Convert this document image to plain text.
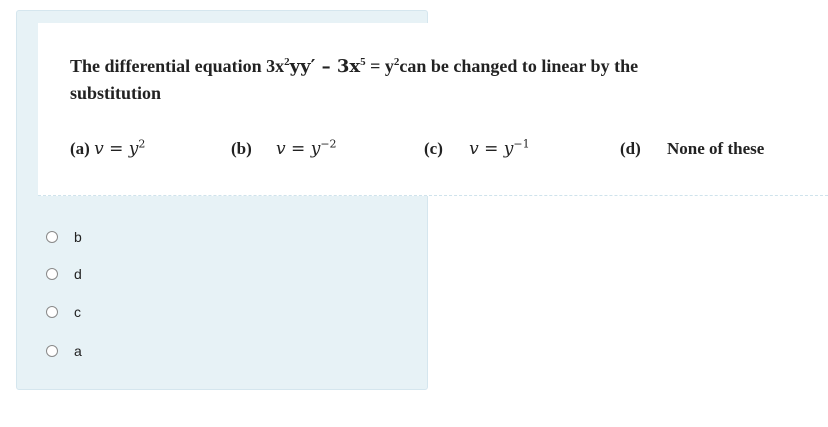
The differential equation $3x^2yy' - 3x^5 = y^2can$ be changed to linear by the
substitution
(a) $v = y^2$	(b) $v = y^{-2}$	(c) $v = y^{-1}$	(d) None of these
b
d
c
a
